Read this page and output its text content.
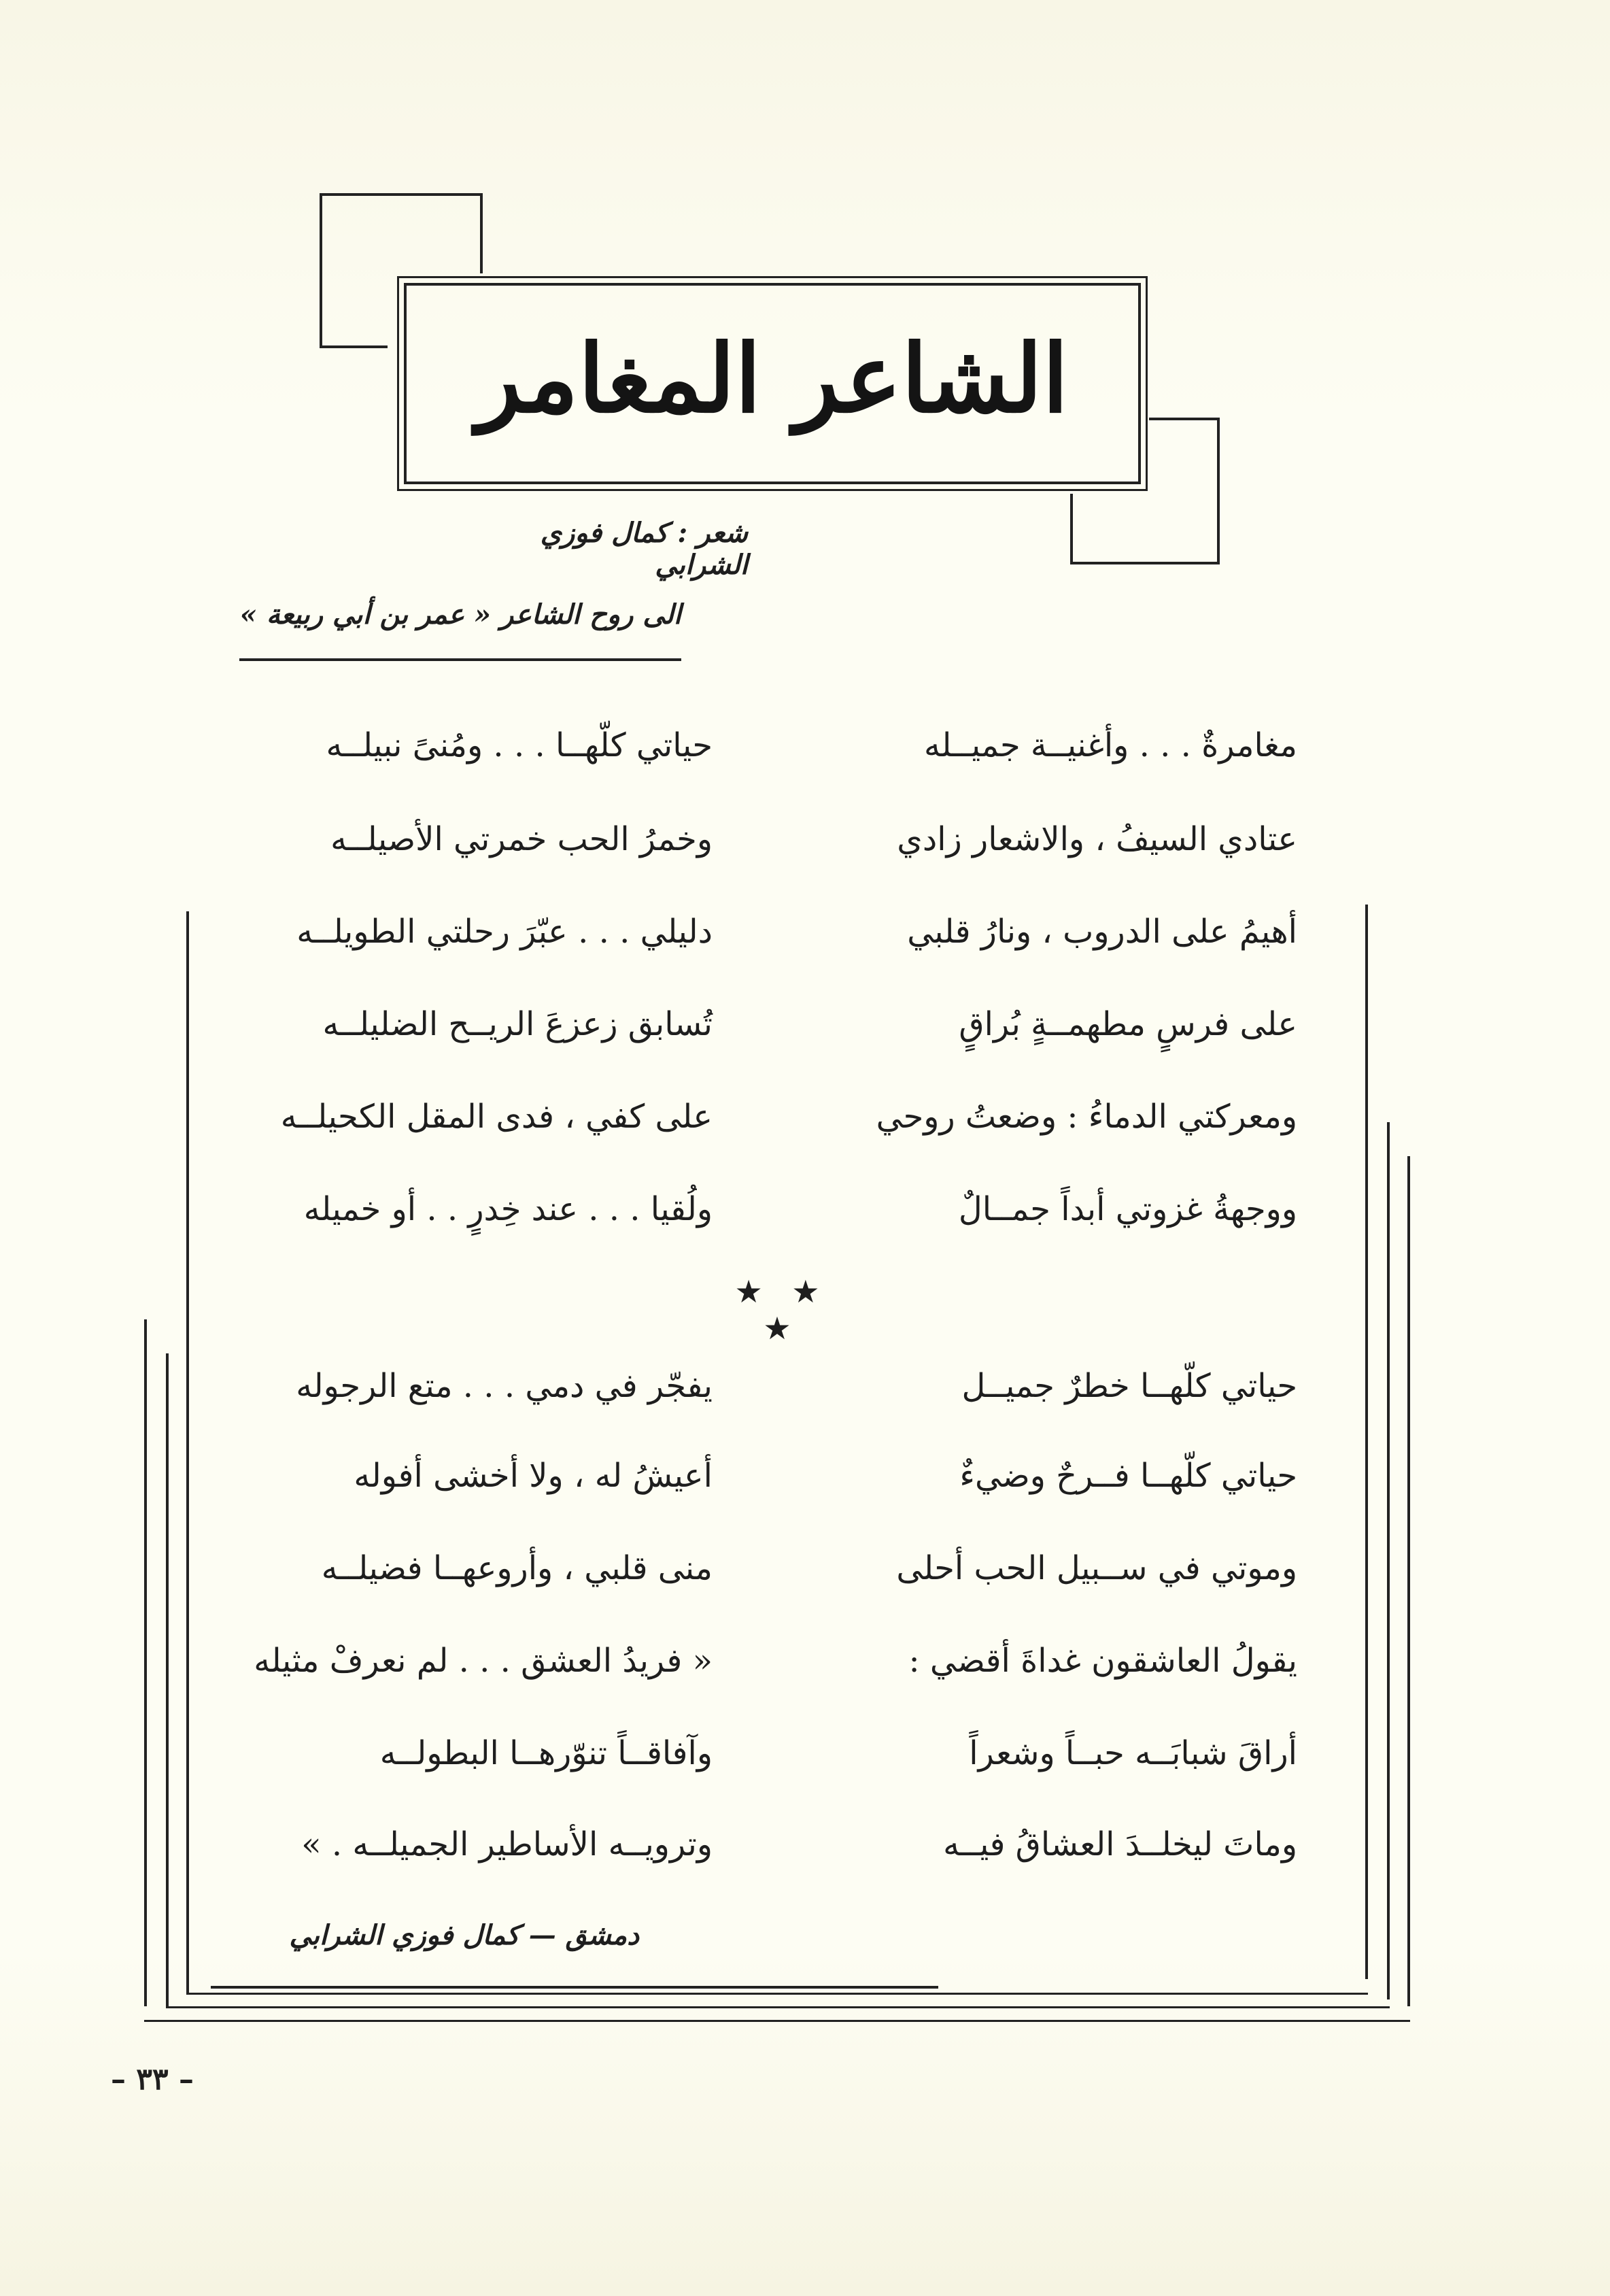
الشاعر المغامر
شعر : كمال فوزي الشرابي
الى روح الشاعر « عمر بن أبي ربيعة »
مغامرةٌ . . . وأغنيــة جميــله
حياتي كلّهــا . . . ومُنىً نبيلــه
عتادي السيفُ ، والاشعار زادي
وخمرُ الحب خمرتي الأصيلــه
أهيمُ على الدروب ، ونارُ قلبي
دليلي . . . عبّرَ رحلتي الطويلــه
على فرسٍ مطهمــةٍ بُراقٍ
تُسابق زعزعَ الريــح الضليلــه
ومعركتي الدماءُ : وضعتُ روحي
على كفي ، فدى المقل الكحيلــه
ووجهةُ غزوتي أبداً جمــالٌ
ولُقيا . . . عند خِدرٍ . . أو خميله
★ ★ ★
حياتي كلّهــا خطرٌ جميــل
يفجّر في دمي . . . متع الرجوله
حياتي كلّهــا فــرحٌ وضيءٌ
أعيشُ له ، ولا أخشى أفوله
وموتي في ســبيل الحب أحلى
منى قلبي ، وأروعهــا فضيلــه
يقولُ العاشقون غداةَ أقضي :
« فريدُ العشق . . . لم نعرفْ مثيله
أراقَ شبابَــه حبــاً وشعراً
وآفاقــاً تنوّرهــا البطولــه
وماتَ ليخلــدَ العشاقُ فيــه
وترويــه الأساطير الجميلــه . »
دمشق — كمال فوزي الشرابي
– ٣٣ –
